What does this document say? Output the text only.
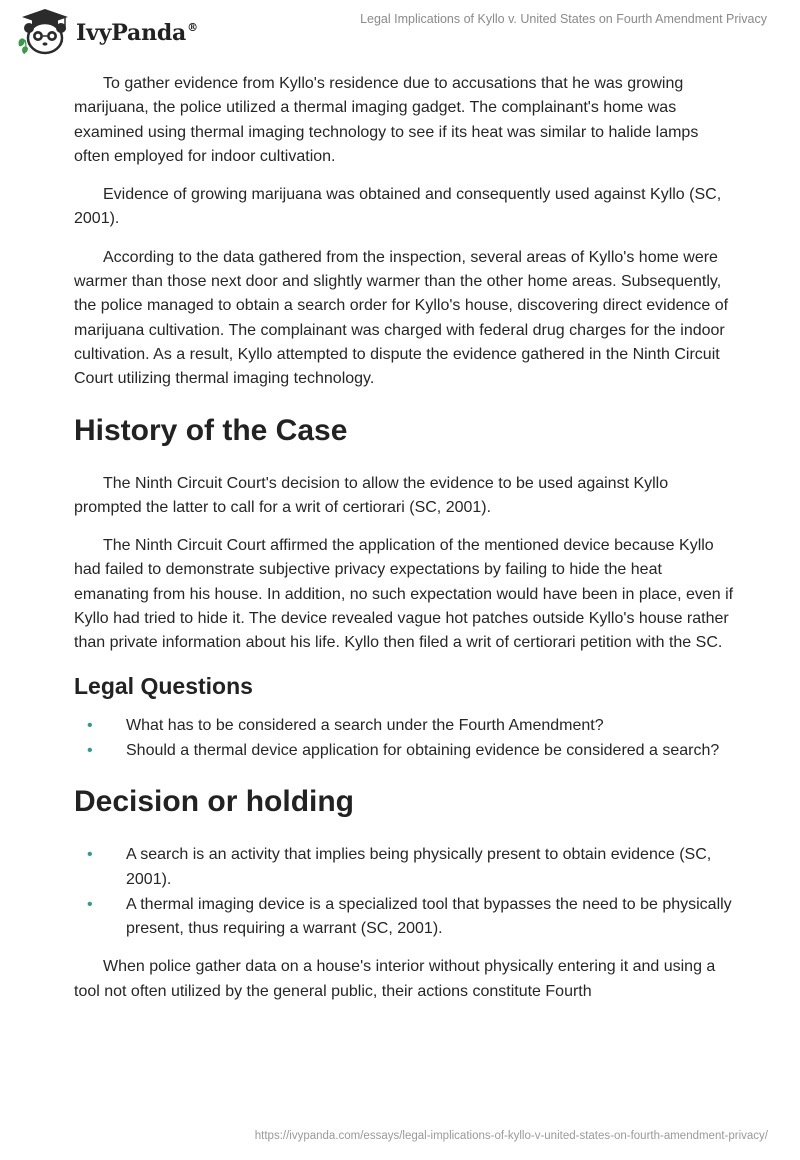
IvyPanda®
Legal Implications of Kyllo v. United States on Fourth Amendment Privacy

To gather evidence from Kyllo's residence due to accusations that he was growing marijuana, the police utilized a thermal imaging gadget. The complainant's home was examined using thermal imaging technology to see if its heat was similar to halide lamps often employed for indoor cultivation.

Evidence of growing marijuana was obtained and consequently used against Kyllo (SC, 2001).

According to the data gathered from the inspection, several areas of Kyllo's home were warmer than those next door and slightly warmer than the other home areas. Subsequently, the police managed to obtain a search order for Kyllo's house, discovering direct evidence of marijuana cultivation. The complainant was charged with federal drug charges for the indoor cultivation. As a result, Kyllo attempted to dispute the evidence gathered in the Ninth Circuit Court utilizing thermal imaging technology.

History of the Case

The Ninth Circuit Court's decision to allow the evidence to be used against Kyllo prompted the latter to call for a writ of certiorari (SC, 2001).

The Ninth Circuit Court affirmed the application of the mentioned device because Kyllo had failed to demonstrate subjective privacy expectations by failing to hide the heat emanating from his house. In addition, no such expectation would have been in place, even if Kyllo had tried to hide it. The device revealed vague hot patches outside Kyllo's house rather than private information about his life. Kyllo then filed a writ of certiorari petition with the SC.

Legal Questions
• What has to be considered a search under the Fourth Amendment?
• Should a thermal device application for obtaining evidence be considered a search?
Decision or holding
• A search is an activity that implies being physically present to obtain evidence (SC, 2001).
• A thermal imaging device is a specialized tool that bypasses the need to be physically present, thus requiring a warrant (SC, 2001).

When police gather data on a house's interior without physically entering it and using a tool not often utilized by the general public, their actions constitute Fourth

https://ivypanda.com/essays/legal-implications-of-kyllo-v-united-states-on-fourth-amendment-privacy/
